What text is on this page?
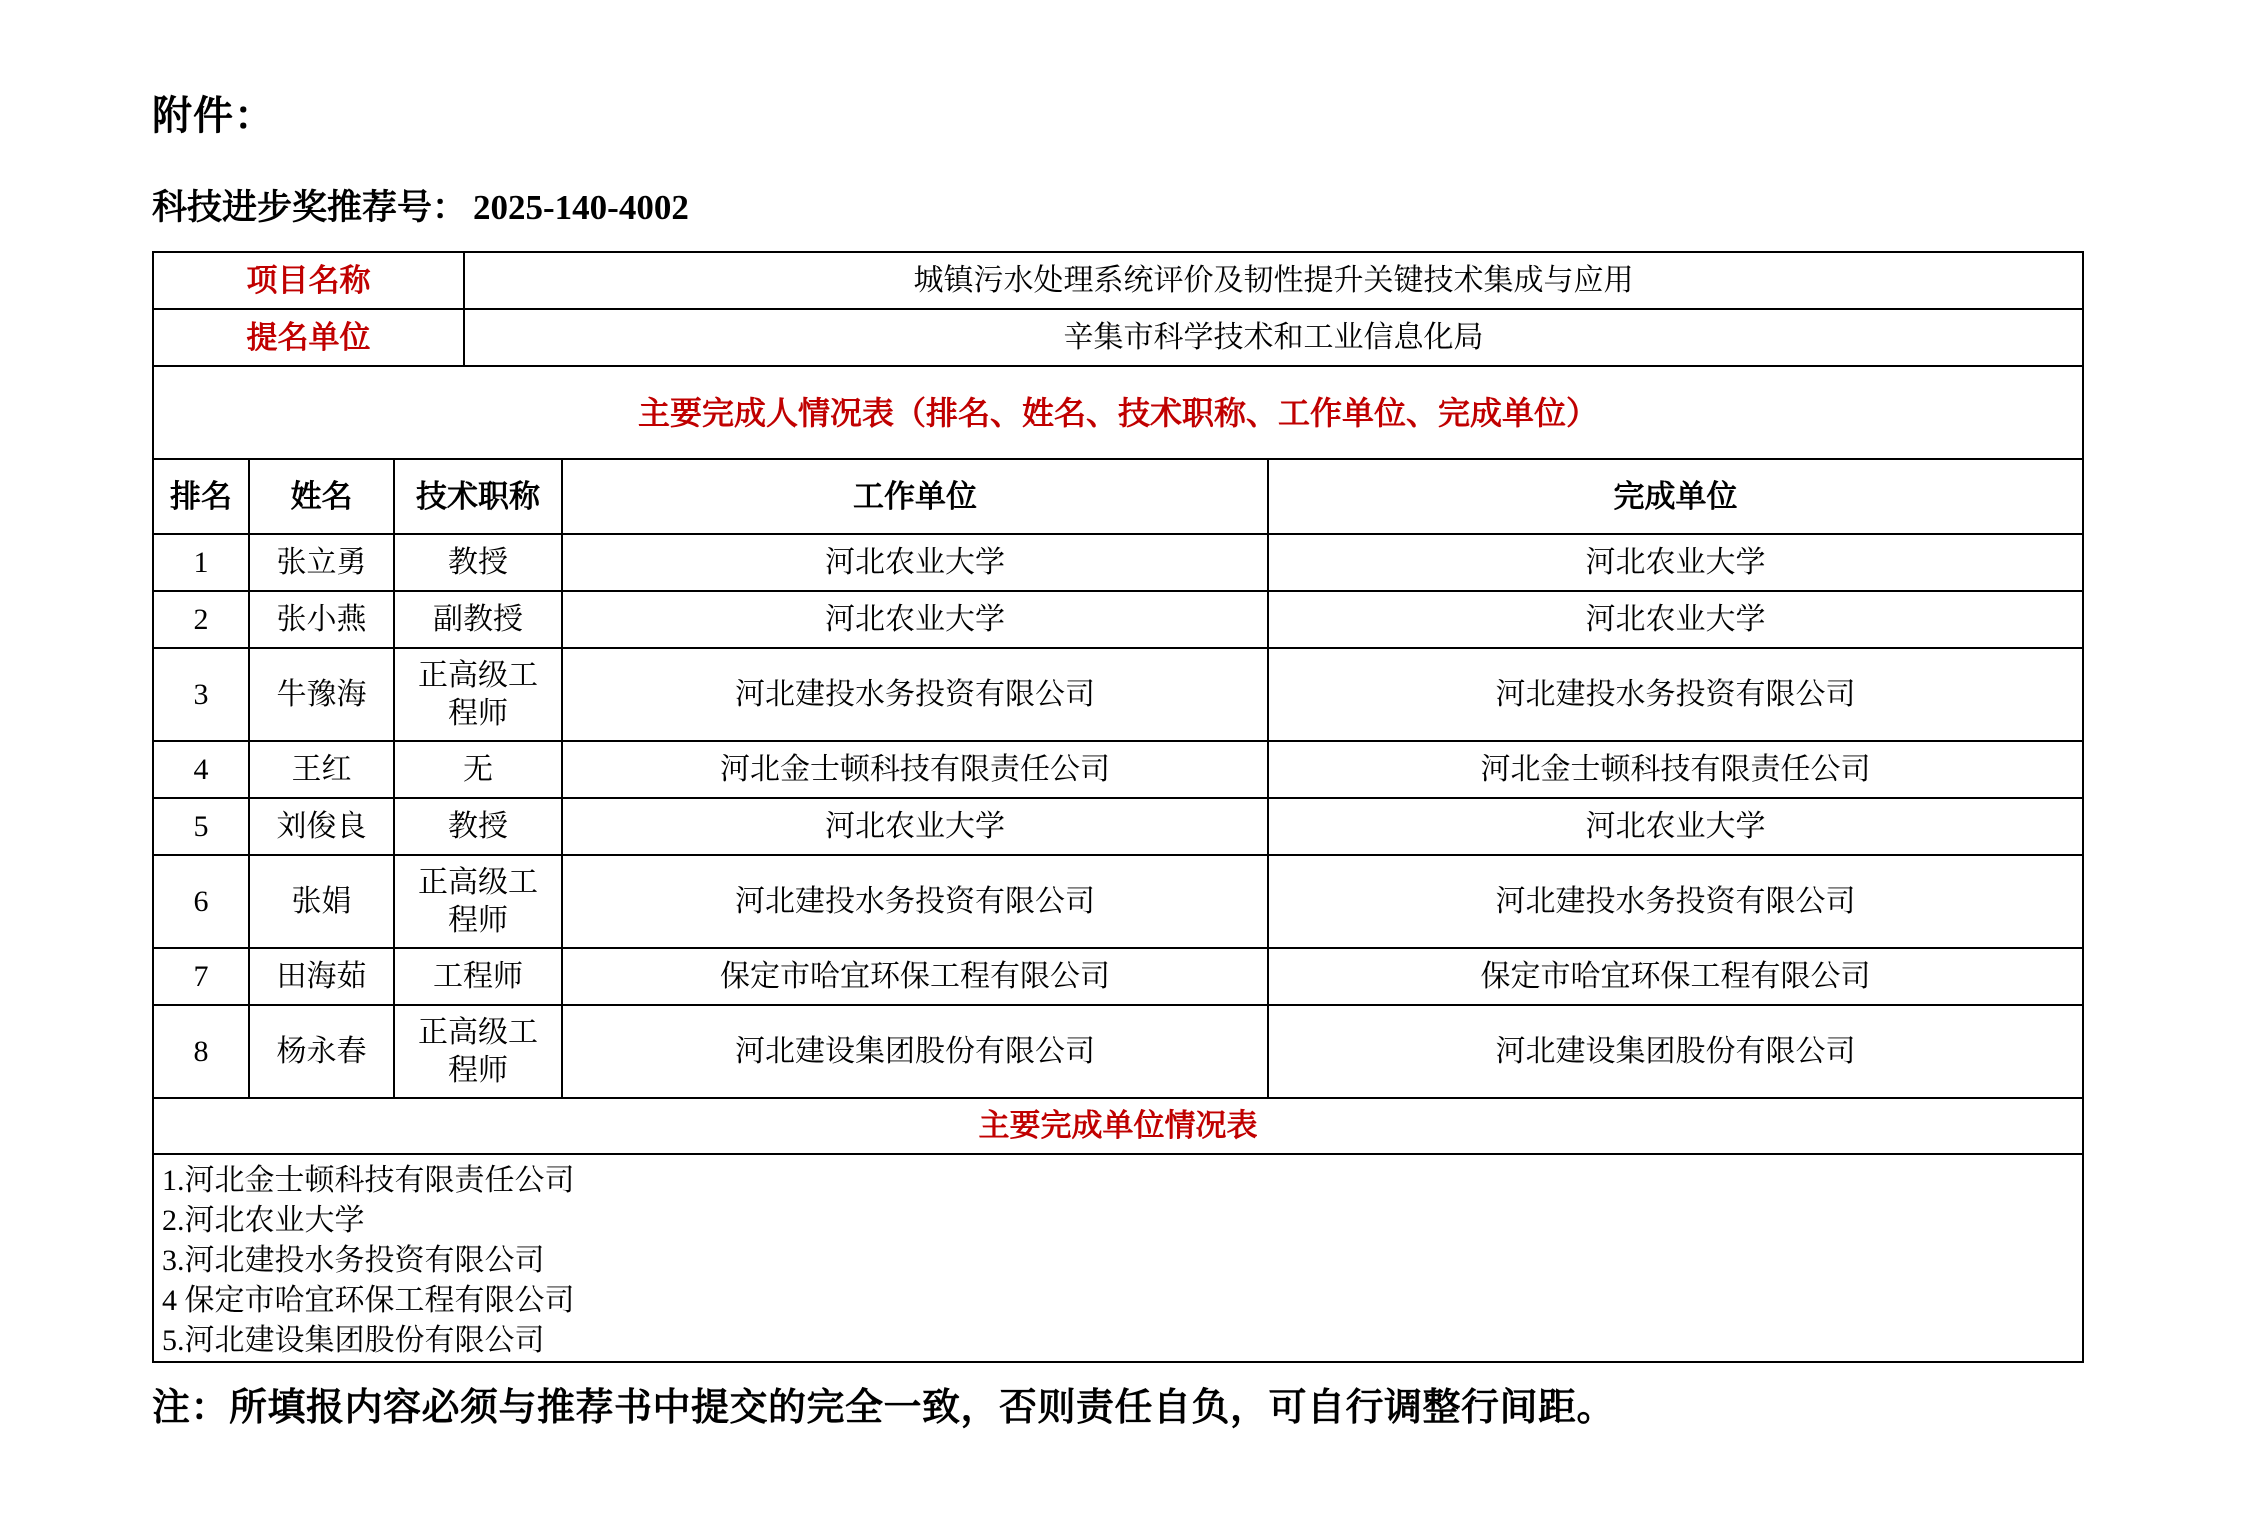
附件：
科技进步奖推荐号： 2025-140-4002
项目名称	城镇污水处理系统评价及韧性提升关键技术集成与应用
提名单位	辛集市科学技术和工业信息化局
主要完成人情况表（排名、姓名、技术职称、工作单位、完成单位）				
排名	姓名	技术职称	工作单位	完成单位
1	张立勇	教授	河北农业大学	河北农业大学
2	张小燕	副教授	河北农业大学	河北农业大学
3	牛豫海	正高级工程师	河北建投水务投资有限公司	河北建投水务投资有限公司
4	王红	无	河北金士顿科技有限责任公司	河北金士顿科技有限责任公司
5	刘俊良	教授	河北农业大学	河北农业大学
6	张娟	正高级工程师	河北建投水务投资有限公司	河北建投水务投资有限公司
7	田海茹	工程师	保定市哈宜环保工程有限公司	保定市哈宜环保工程有限公司
8	杨永春	正高级工程师	河北建设集团股份有限公司	河北建设集团股份有限公司
主要完成单位情况表				

1.河北金士顿科技有限责任公司
2.河北农业大学
3.河北建投水务投资有限公司
4 保定市哈宜环保工程有限公司
5.河北建设集团股份有限公司				
注：所填报内容必须与推荐书中提交的完全一致，否则责任自负，可自行调整行间距。
